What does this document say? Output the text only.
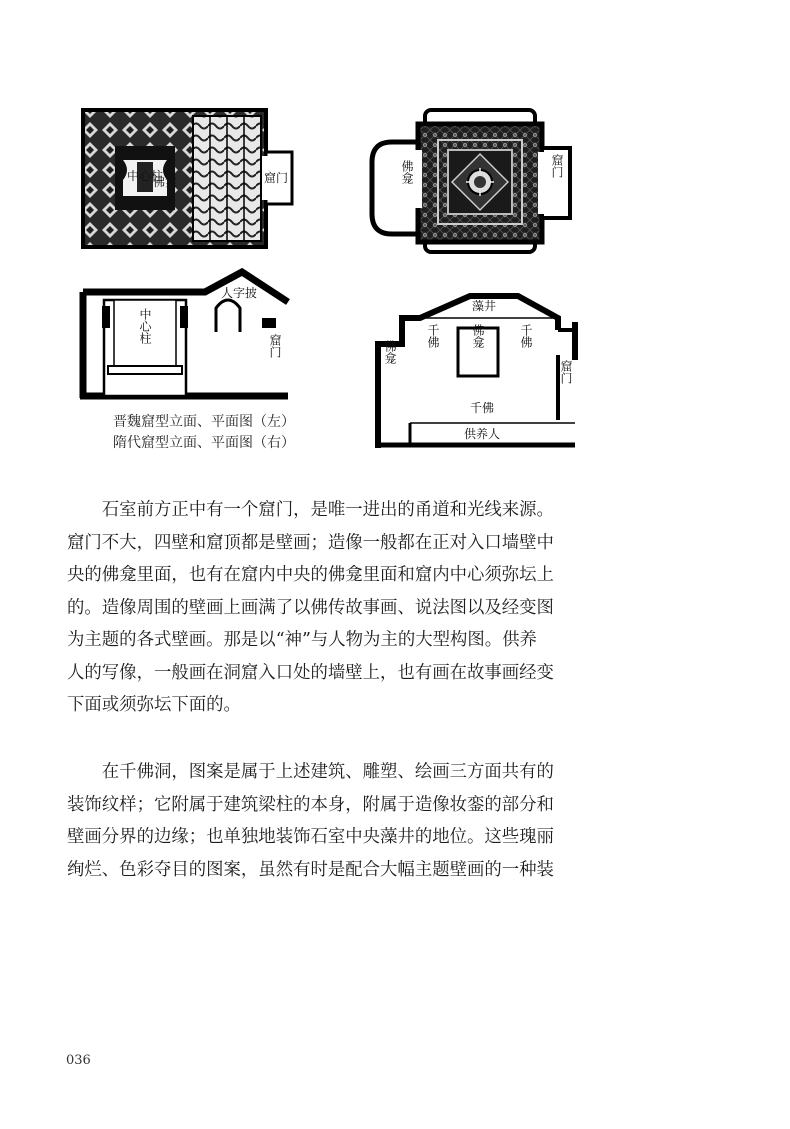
中心柱
佛龛	窟门	佛龛	窟门
中心柱
人字披
窟门
藻井
佛龛
佛龛
千佛	千佛
千佛
窟门
供养人
晋魏窟型立面、平面图（左）
隋代窟型立面、平面图（右）
　　石室前方正中有一个窟门，是唯一进出的甬道和光线来源。
窟门不大，四壁和窟顶都是壁画；造像一般都在正对入口墙壁中
央的佛龛里面，也有在窟内中央的佛龛里面和窟内中心须弥坛上
的。造像周围的壁画上画满了以佛传故事画、说法图以及经变图
为主题的各式壁画。那是以“神”与人物为主的大型构图。供养
人的写像，一般画在洞窟入口处的墙壁上，也有画在故事画经变
下面或须弥坛下面的。
　　在千佛洞，图案是属于上述建筑、雕塑、绘画三方面共有的
装饰纹样；它附属于建筑梁柱的本身，附属于造像妆銮的部分和
壁画分界的边缘；也单独地装饰石室中央藻井的地位。这些瑰丽
绚烂、色彩夺目的图案，虽然有时是配合大幅主题壁画的一种装
036
